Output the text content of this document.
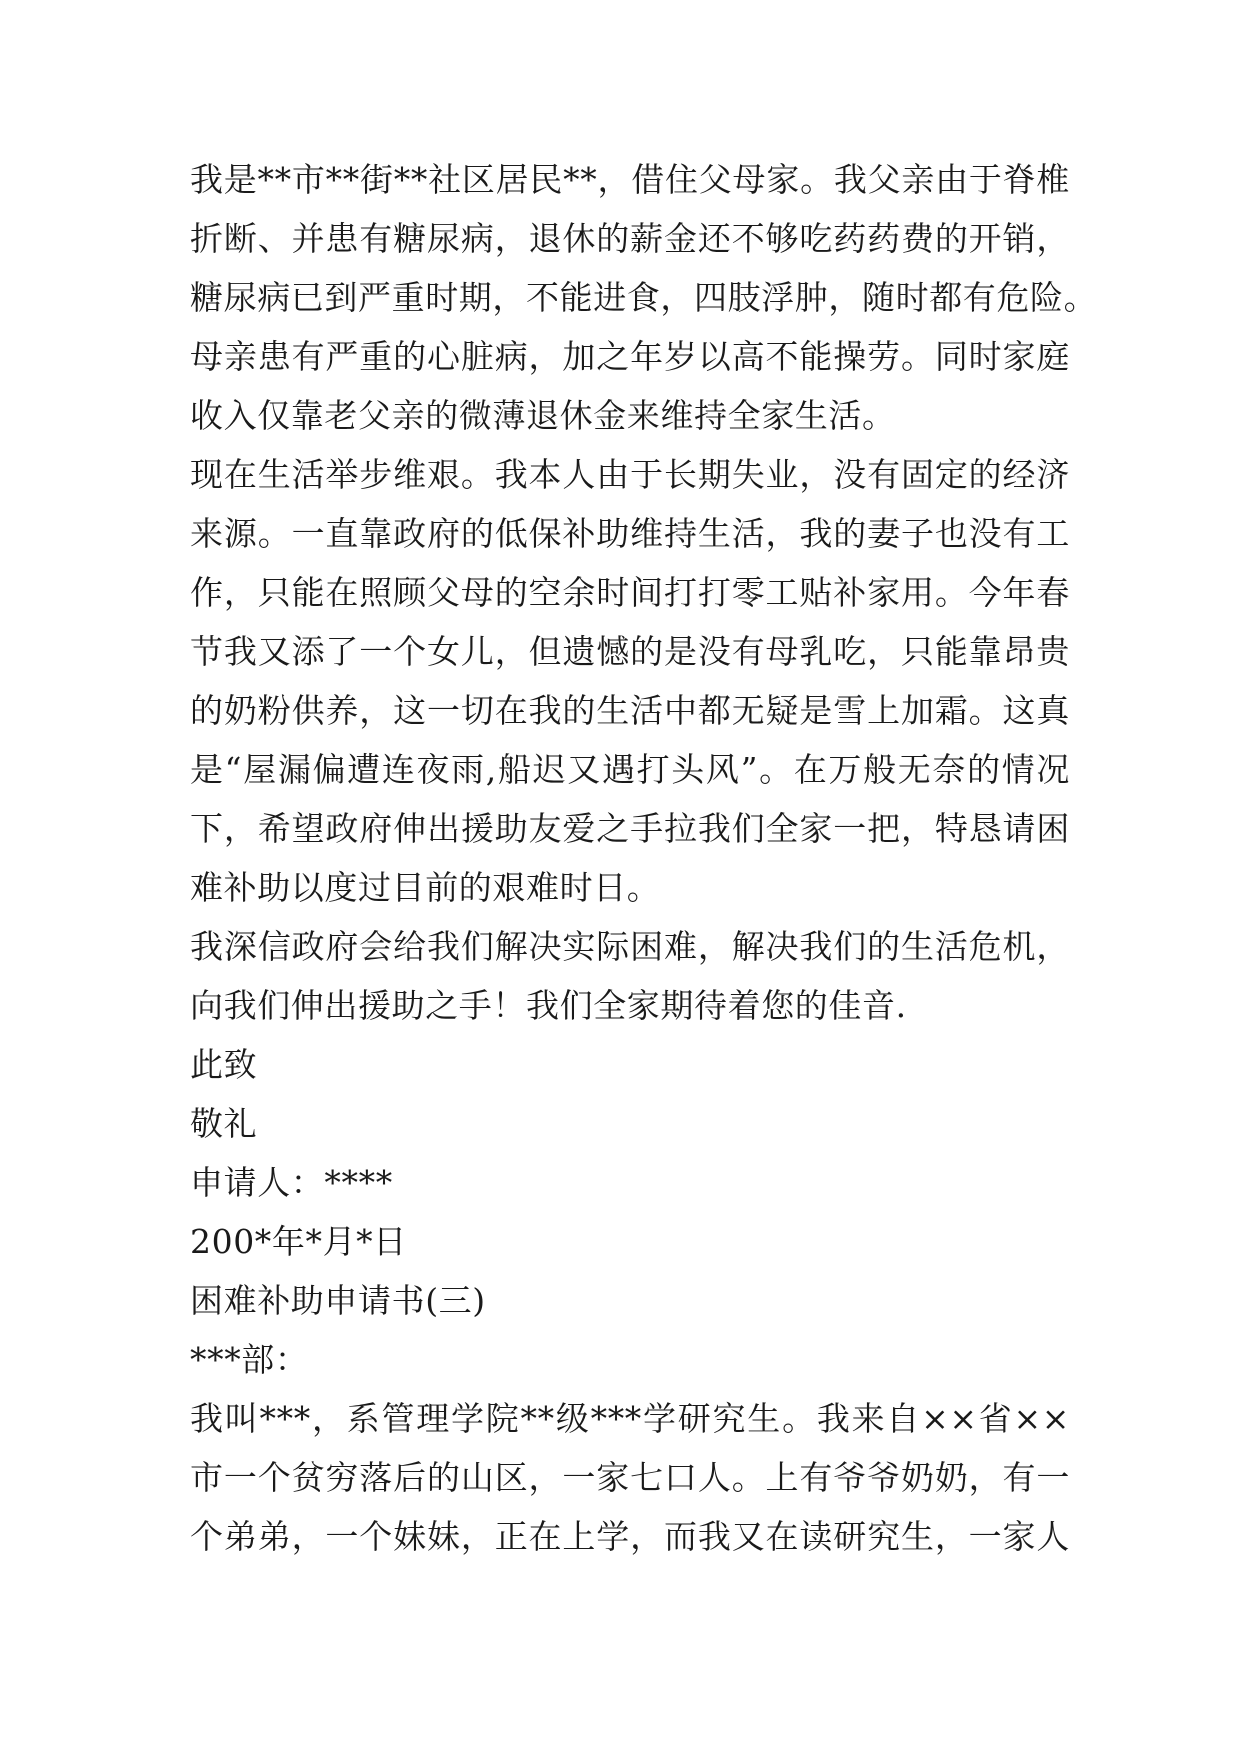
我是**市**街**社区居民**，借住父母家。我父亲由于脊椎
折断、并患有糖尿病，退休的薪金还不够吃药药费的开销，
糖尿病已到严重时期，不能进食，四肢浮肿，随时都有危险。
母亲患有严重的心脏病，加之年岁以高不能操劳。同时家庭
收入仅靠老父亲的微薄退休金来维持全家生活。
现在生活举步维艰。我本人由于长期失业，没有固定的经济
来源。一直靠政府的低保补助维持生活，我的妻子也没有工
作，只能在照顾父母的空余时间打打零工贴补家用。今年春
节我又添了一个女儿，但遗憾的是没有母乳吃，只能靠昂贵
的奶粉供养，这一切在我的生活中都无疑是雪上加霜。这真
是“屋漏偏遭连夜雨,船迟又遇打头风”。在万般无奈的情况
下，希望政府伸出援助友爱之手拉我们全家一把，特恳请困
难补助以度过目前的艰难时日。
我深信政府会给我们解决实际困难，解决我们的生活危机，
向我们伸出援助之手！我们全家期待着您的佳音.
此致
敬礼
申请人：****
200*年*月*日
困难补助申请书(三)
***部：
我叫***，系管理学院**级***学研究生。我来自××省××
市一个贫穷落后的山区，一家七口人。上有爷爷奶奶，有一
个弟弟，一个妹妹，正在上学，而我又在读研究生，一家人
